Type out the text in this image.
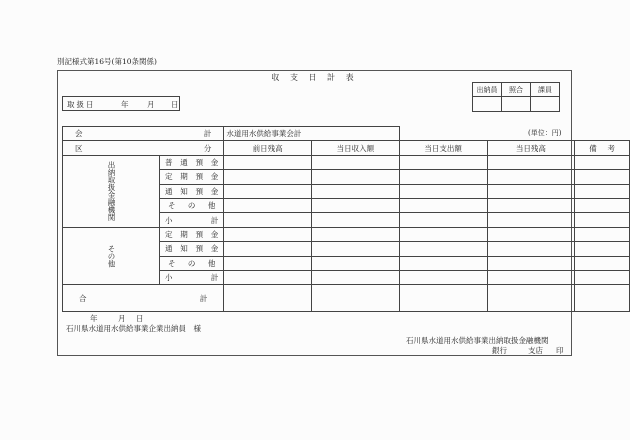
別記様式第16号(第10条関係)
収 支 日 計 表
出納員	照合	課員

取扱日	年 月 日
(単位：円)
会 計		水道用水供給事業会計				

区 分		前日残高	当日収入額	当日支出額	当日残高	備 考

出納取扱金融機関	普 通 預 金					

	定 期 預 金					

	通 知 預 金					

	そ の 他					

	小 計					

その他	定 期 預 金					

	通 知 預 金					

	そ の 他					

	小 計					

合 計						

年	月 日
石川県水道用水供給事業企業出納員　様
石川県水道用水供給事業出納取扱金融機関
銀行	支店 印
